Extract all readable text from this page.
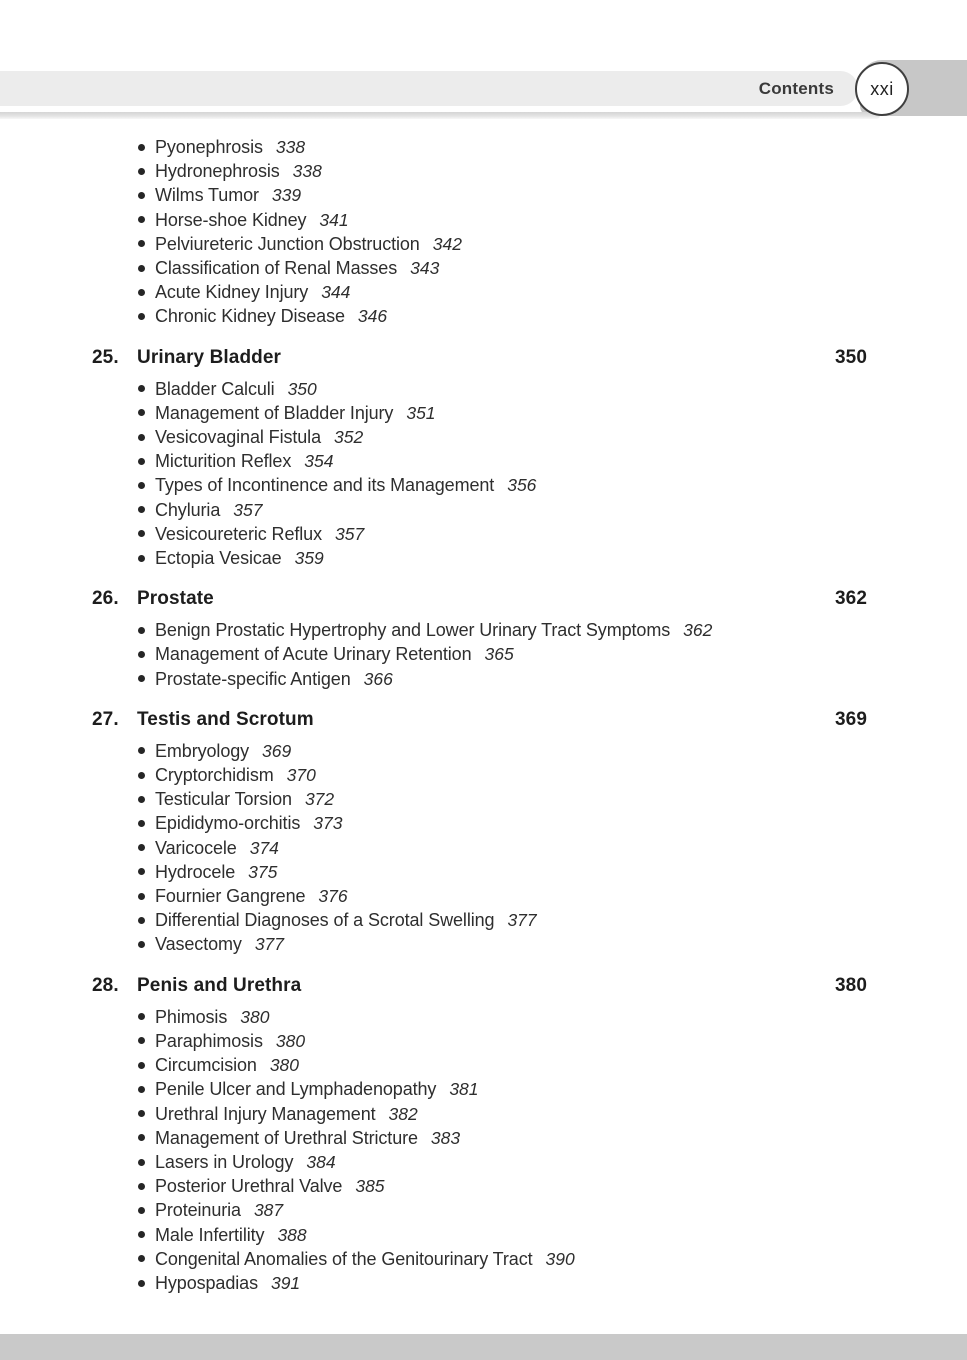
Contents xxi
Pyonephrosis 338
Hydronephrosis 338
Wilms Tumor 339
Horse-shoe Kidney 341
Pelviureteric Junction Obstruction 342
Classification of Renal Masses 343
Acute Kidney Injury 344
Chronic Kidney Disease 346
25. Urinary Bladder	350
Bladder Calculi 350
Management of Bladder Injury 351
Vesicovaginal Fistula 352
Micturition Reflex 354
Types of Incontinence and its Management 356
Chyluria 357
Vesicoureteric Reflux 357
Ectopia Vesicae 359
26. Prostate	362
Benign Prostatic Hypertrophy and Lower Urinary Tract Symptoms 362
Management of Acute Urinary Retention 365
Prostate-specific Antigen 366
27. Testis and Scrotum	369
Embryology 369
Cryptorchidism 370
Testicular Torsion 372
Epididymo-orchitis 373
Varicocele 374
Hydrocele 375
Fournier Gangrene 376
Differential Diagnoses of a Scrotal Swelling 377
Vasectomy 377
28. Penis and Urethra	380
Phimosis 380
Paraphimosis 380
Circumcision 380
Penile Ulcer and Lymphadenopathy 381
Urethral Injury Management 382
Management of Urethral Stricture 383
Lasers in Urology 384
Posterior Urethral Valve 385
Proteinuria 387
Male Infertility 388
Congenital Anomalies of the Genitourinary Tract 390
Hypospadias 391
